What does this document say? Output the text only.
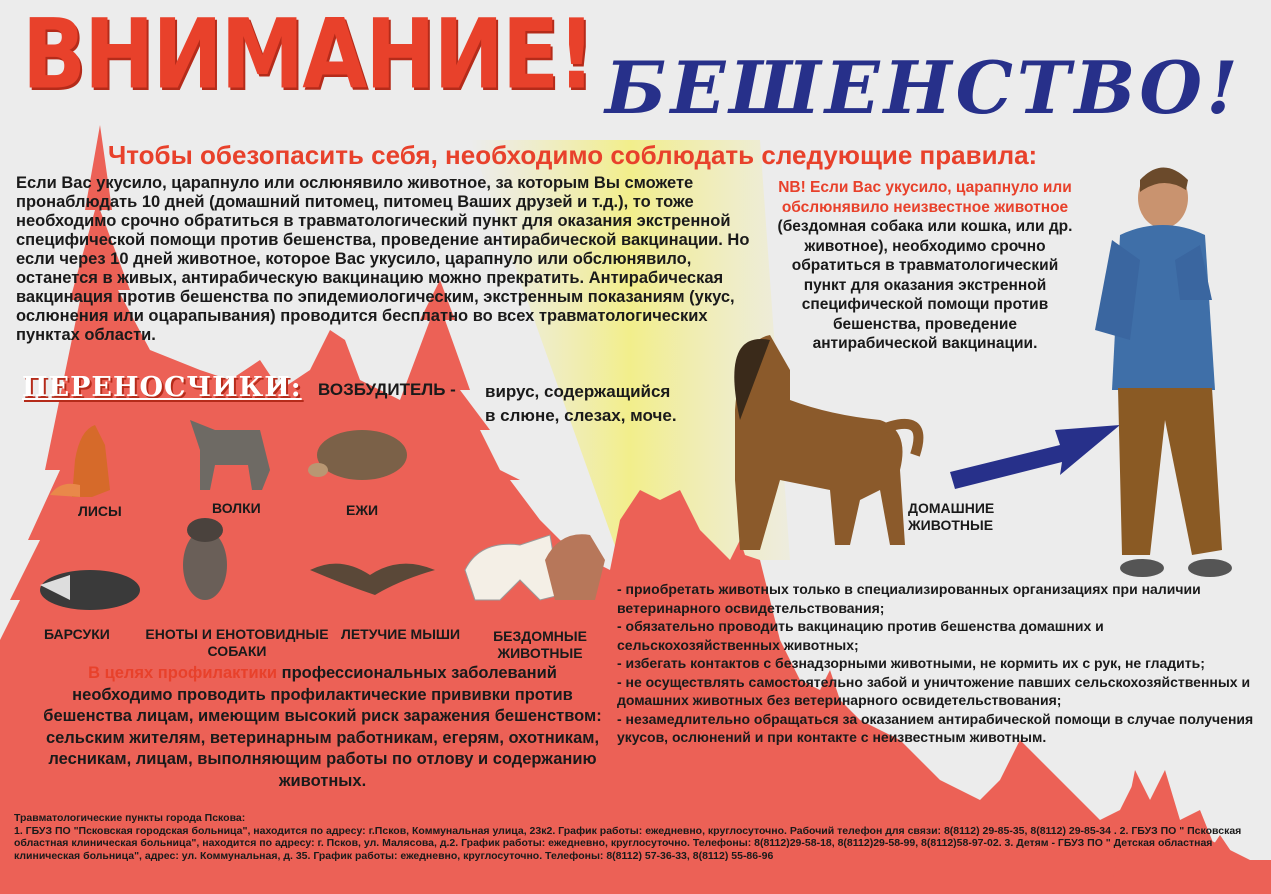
ВНИМАНИЕ! БЕШЕНСТВО!
Чтобы обезопасить себя, необходимо соблюдать следующие правила:
Если Вас укусило, царапнуло или ослюнявило животное, за которым Вы сможете пронаблюдать 10 дней (домашний питомец, питомец Ваших друзей и т.д.), то тоже необходимо срочно обратиться в травматологический пункт для оказания экстренной специфической помощи против бешенства, проведение антирабической вакцинации. Но если через 10 дней животное, которое Вас укусило, царапнуло или обслюнявило, останется в живых, антирабическую вакцинацию можно прекратить. Антирабическая вакцинация против бешенства по эпидемиологическим, экстренным показаниям (укус, ослюнения или оцарапывания) проводится бесплатно во всех травматологических пунктах области.
NB! Если Вас укусило, царапнуло или обслюнявило неизвестное животное (бездомная собака или кошка, или др. животное), необходимо срочно обратиться в травматологический пункт для оказания экстренной специфической помощи против бешенства, проведение антирабической вакцинации.
ПЕРЕНОСЧИКИ: ВОЗБУДИТЕЛЬ - вирус, содержащийся
в слюне, слезах, моче.
ЛИСЫ	ВОЛКИ	ЕЖИ
БАРСУКИ	ЕНОТЫ И ЕНОТОВИДНЫЕ
СОБАКИ
ЛЕТУЧИЕ МЫШИ БЕЗДОМНЫЕ
ЖИВОТНЫЕ
ДОМАШНИЕ
ЖИВОТНЫЕ
В целях профилактики профессиональных заболеваний необходимо проводить профилактические прививки против бешенства лицам, имеющим высокий риск заражения бешенством: сельским жителям, ветеринарным работникам, егерям, охотникам, лесникам, лицам, выполняющим работы по отлову и содержанию животных.
- приобретать животных только в специализированных организациях при наличии ветеринарного освидетельствования;
- обязательно проводить вакцинацию против бешенства домашних и сельскохозяйственных животных;
- избегать контактов с безнадзорными животными, не кормить их с рук, не гладить;
- не осуществлять самостоятельно забой и уничтожение павших сельскохозяйственных и домашних животных без ветеринарного освидетельствования;
- незамедлительно обращаться за оказанием антирабической помощи в случае получения укусов, ослюнений и при контакте с неизвестным животным.
Травматологические пункты города Пскова:
1. ГБУЗ ПО "Псковская городская больница", находится по адресу: г.Псков, Коммунальная улица, 23к2. График работы: ежедневно, круглосуточно. Рабочий телефон для связи: 8(8112) 29-85-35, 8(8112) 29-85-34 . 2. ГБУЗ ПО " Псковская областная клиническая больница", находится по адресу: г. Псков, ул. Малясова, д.2. График работы: ежедневно, круглосуточно. Телефоны: 8(8112)29-58-18, 8(8112)29-58-99, 8(8112)58-97-02. 3. Детям - ГБУЗ ПО " Детская областная клиническая больница", адрес: ул. Коммунальная, д. 35. График работы: ежедневно, круглосуточно. Телефоны: 8(8112) 57-36-33, 8(8112) 55-86-96
